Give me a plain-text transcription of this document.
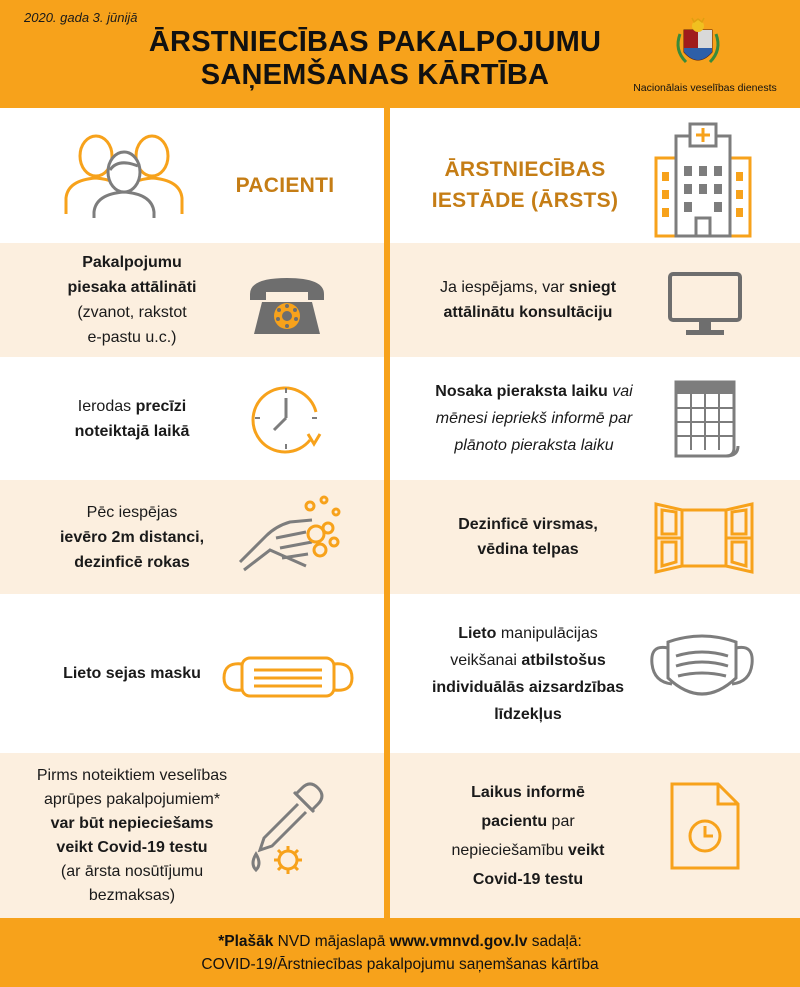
2020. gada 3. jūnijā
ĀRSTNIECĪBAS PAKALPOJUMU
SAŅEMŠANAS KĀRTĪBA	Nacionālais veselības dienests
PACIENTI
ĀRSTNIECĪBAS
IESTĀDE (ĀRSTS)
Pakalpojumu
piesaka attālināti
(zvanot, rakstot
e-pastu u.c.)
Ja iespējams, var sniegt
attālinātu konsultāciju
Ierodas precīzi
noteiktajā laikā
Nosaka pieraksta laiku vai
mēnesi iepriekš informē par
plānoto pieraksta laiku
Pēc iespējas
ievēro 2m distanci,
dezinficē rokas
Dezinficē virsmas,
vēdina telpas
Lieto sejas masku
Lieto manipulācijas
veikšanai atbilstošus
individuālās aizsardzības
līdzekļus
Pirms noteiktiem veselības
aprūpes pakalpojumiem*
var būt nepieciešams
veikt Covid-19 testu
(ar ārsta nosūtījumu
bezmaksas)
Laikus informē
pacientu par
nepieciešamību veikt
Covid-19 testu
*Plašāk NVD mājaslapā www.vmnvd.gov.lv sadaļā:
COVID-19/Ārstniecības pakalpojumu saņemšanas kārtība
